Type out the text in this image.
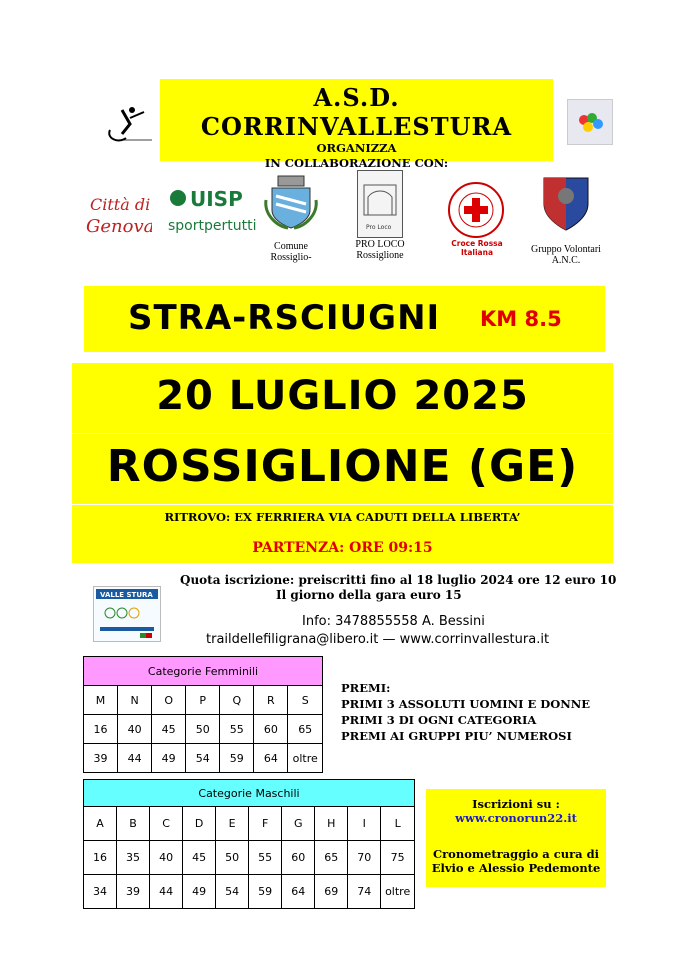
A.S.D. CORRINVALLESTURA
ORGANIZZA
IN COLLABORAZIONE CON:
Città di
Genova
UISP
sportpertutti
Comune
Rossiglio-
Pro Loco
PRO LOCO
Rossiglione
Croce Rossa Italiana	Gruppo Volontari
A.N.C.
STRA-RSCIUGNI KM 8.5
20 LUGLIO 2025
ROSSIGLIONE (GE)
RITROVO: EX FERRIERA VIA CADUTI DELLA LIBERTA’
PARTENZA: ORE 09:15
VALLE STURA
Quota iscrizione: preiscritti fino al 18 luglio 2024 ore 12 euro 10
Il giorno della gara euro 15
Info: 3478855558 A. Bessini
traildellefiligrana@libero.it — www.corrinvallestura.it
Categorie Femminili						
M	N	O	P	Q	R	S
16	40	45	50	55	60	65
39	44	49	54	59	64	oltre
PREMI:
PRIMI 3 ASSOLUTI UOMINI E DONNE
PRIMI 3 DI OGNI CATEGORIA
PREMI AI GRUPPI PIU’ NUMEROSI
Categorie Maschili									
A	B	C	D	E	F	G	H	I	L
16	35	40	45	50	55	60	65	70	75
34	39	44	49	54	59	64	69	74	oltre
Iscrizioni su :
www.cronorun22.it
Cronometraggio a cura di
Elvio e Alessio Pedemonte
